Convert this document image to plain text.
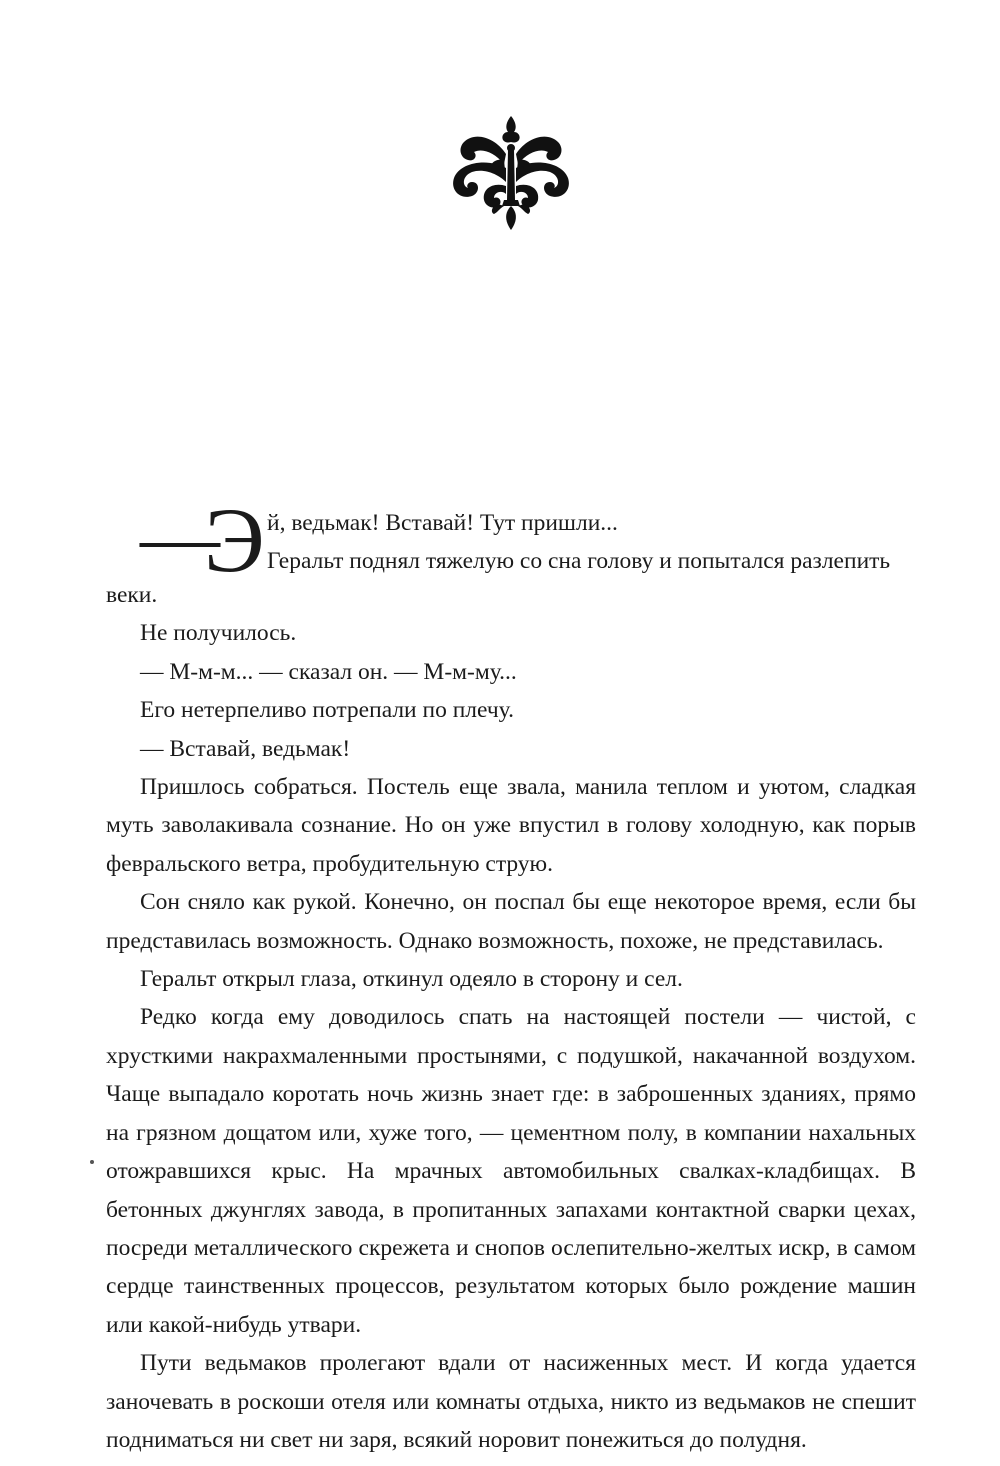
—
Э й, ведьмак! Вставай! Тут пришли...
Геральт поднял тяжелую со сна голову и попытался разлепить

веки.

Не получилось.

— М-м-м... — сказал он. — М-м-му...

Его нетерпеливо потрепали по плечу.

— Вставай, ведьмак!

Пришлось собраться. Постель еще звала, манила теплом и уютом, сладкая муть заволакивала сознание. Но он уже впустил в голову холодную, как порыв февральского ветра, пробудительную струю.

Сон сняло как рукой. Конечно, он поспал бы еще некоторое время, если бы представилась возможность. Однако возможность, похоже, не представилась.

Геральт открыл глаза, откинул одеяло в сторону и сел.

Редко когда ему доводилось спать на настоящей постели — чистой, с хрусткими накрахмаленными простынями, с подушкой, накачанной воздухом. Чаще выпадало коротать ночь жизнь знает где: в заброшенных зданиях, прямо на грязном дощатом или, хуже того, — цементном полу, в компании нахальных отожравшихся крыс. На мрачных автомобильных свалках-кладбищах. В бетонных джунглях завода, в пропитанных запахами контактной сварки цехах, посреди металлического скрежета и снопов ослепительно-желтых искр, в самом сердце таинственных процессов, результатом которых было рождение машин или какой-нибудь утвари.

Пути ведьмаков пролегают вдали от насиженных мест. И когда удается заночевать в роскоши отеля или комнаты отдыха, никто из ведьмаков не спешит подниматься ни свет ни заря, всякий норовит понежиться до полудня.
